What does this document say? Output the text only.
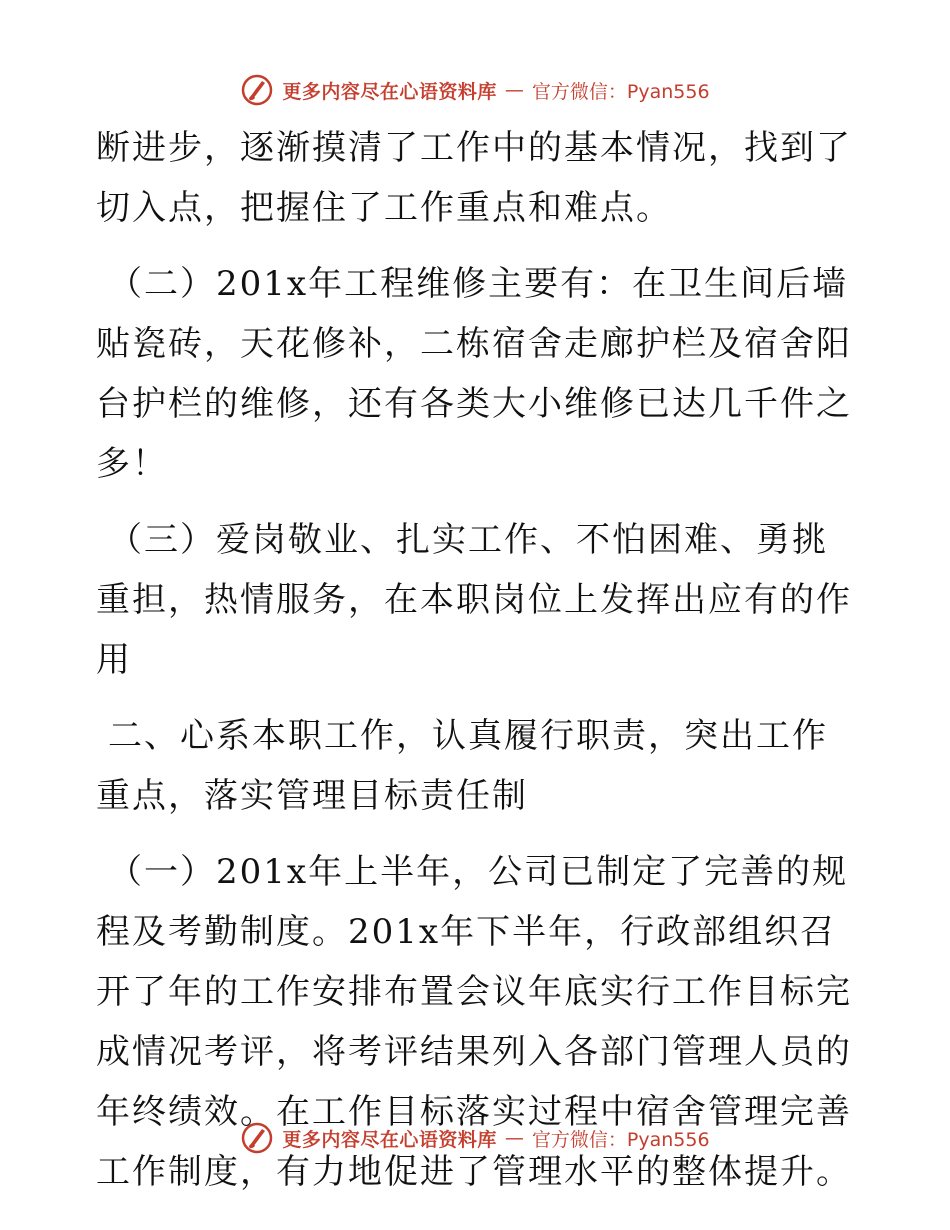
更多内容尽在心语资料库 — 官方微信：Pyan556

断进步，逐渐摸清了工作中的基本情况，找到了切入点，把握住了工作重点和难点。

（二）201x年工程维修主要有：在卫生间后墙贴瓷砖，天花修补，二栋宿舍走廊护栏及宿舍阳台护栏的维修，还有各类大小维修已达几千件之多！

（三）爱岗敬业、扎实工作、不怕困难、勇挑重担，热情服务，在本职岗位上发挥出应有的作用

二、心系本职工作，认真履行职责，突出工作重点，落实管理目标责任制

（一）201x年上半年，公司已制定了完善的规程及考勤制度。201x年下半年，行政部组织召开了年的工作安排布置会议年底实行工作目标完成情况考评，将考评结果列入各部门管理人员的年终绩效。在工作目标落实过程中宿舍管理完善工作制度，有力地促进了管理水平的整体提升。

更多内容尽在心语资料库 — 官方微信：Pyan556
